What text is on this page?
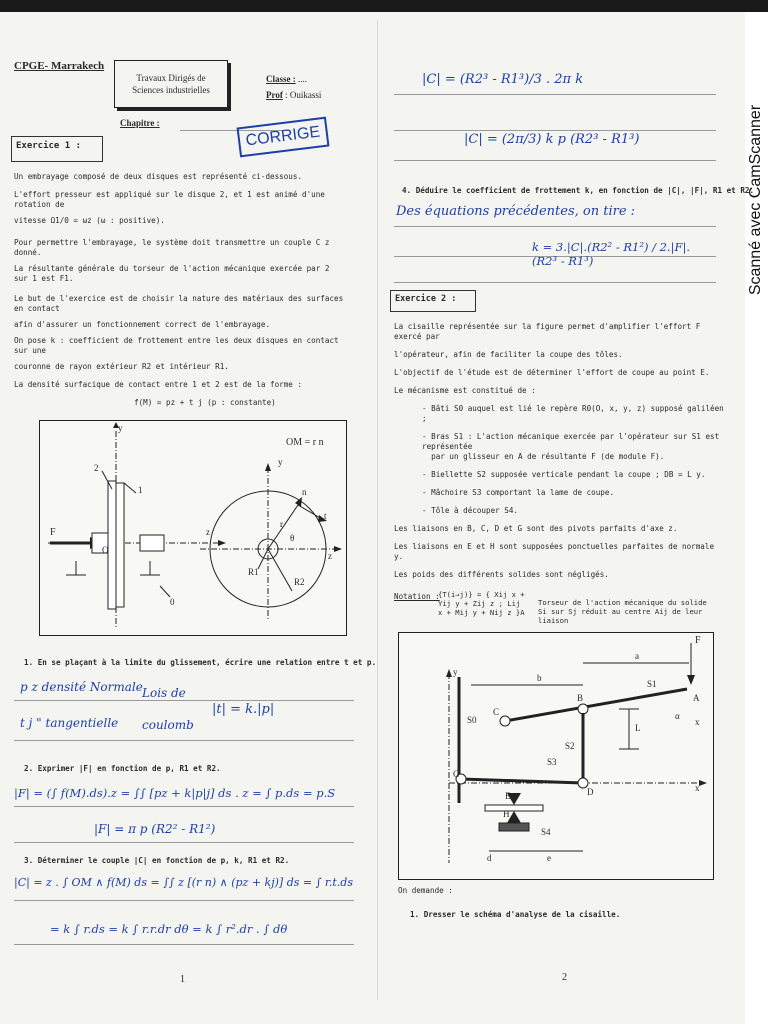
Scanné avec CamScanner
CPGE- Marrakech
Travaux Dirigés de
Sciences industrielles
Classe : ....
Prof : Ouikassi
Chapitre :
CORRIGE
Exercice 1 :
Un embrayage composé de deux disques est représenté ci-dessous.
L'effort presseur est appliqué sur le disque 2, et 1 est animé d'une rotation de
vitesse Ω1/0 = ωz (ω : positive).
Pour permettre l'embrayage, le système doit transmettre un couple C z donné.
La résultante générale du torseur de l'action mécanique exercée par 2 sur 1 est F1.
Le but de l'exercice est de choisir la nature des matériaux des surfaces en contact
afin d'assurer un fonctionnement correct de l'embrayage.
On pose k : coefficient de frottement entre les deux disques en contact sur une
couronne de rayon extérieur R2 et intérieur R1.
La densité surfacique de contact entre 1 et 2 est de la forme :
f(M) = pz + t j (p : constante)
OM = r n
y
z
F
O
1
2
0
y
z
r
n
θ
R1
R2
t
1. En se plaçant à la limite du glissement, écrire une relation entre t et p.
p z densité Normale
t j " tangentielle
Lois de
coulomb
|t| = k.|p|
2. Exprimer |F| en fonction de p, R1 et R2.
|F| = (∫ f(M).ds).z = ∫∫ [pz + k|p|j] ds . z = ∫ p.ds = p.S
|F| = π p (R2² - R1²)
3. Déterminer le couple |C| en fonction de p, k, R1 et R2.
|C| = z . ∫ OM ∧ f(M) ds = ∫∫ z [(r n) ∧ (pz + kj)] ds = ∫ r.t.ds
= k ∫ r.ds = k ∫ r.r.dr dθ = k ∫ r².dr . ∫ dθ
1
|C| = (R2³ - R1³)/3 . 2π k
|C| = (2π/3) k p (R2³ - R1³)
4. Déduire le coefficient de frottement k, en fonction de |C|, |F|, R1 et R2.
Des équations précédentes, on tire :
k = 3.|C|.(R2² - R1²) / 2.|F|.(R2³ - R1³)
Exercice 2 :
La cisaille représentée sur la figure permet d'amplifier l'effort F exercé par
l'opérateur, afin de faciliter la coupe des tôles.
L'objectif de l'étude est de déterminer l'effort de coupe au point E.
Le mécanisme est constitué de :
- Bâti S0 auquel est lié le repère R0(O, x, y, z) supposé galiléen ;
- Bras S1 : L'action mécanique exercée par l'opérateur sur S1 est représentée
par un glisseur en A de résultante F (de module F).
- Biellette S2 supposée verticale pendant la coupe ; DB = L y.
- Mâchoire S3 comportant la lame de coupe.
- Tôle à découper S4.
Les liaisons en B, C, D et G sont des pivots parfaits d'axe z.
Les liaisons en E et H sont supposées ponctuelles parfaites de normale y.
Les poids des différents solides sont négligés.
Notation :
{T(i→j)} = { Xij x + Yij y + Zij z ; Lij x + Mij y + Nij z }A
Torseur de l'action mécanique du solide Si sur Sj réduit au centre Aij de leur liaison
F
a
b
S1
A
B
C
S0	α
x
y
S2
L
S3
G
D	x
E
H
S4
d	e
On demande :
1. Dresser le schéma d'analyse de la cisaille.
2
